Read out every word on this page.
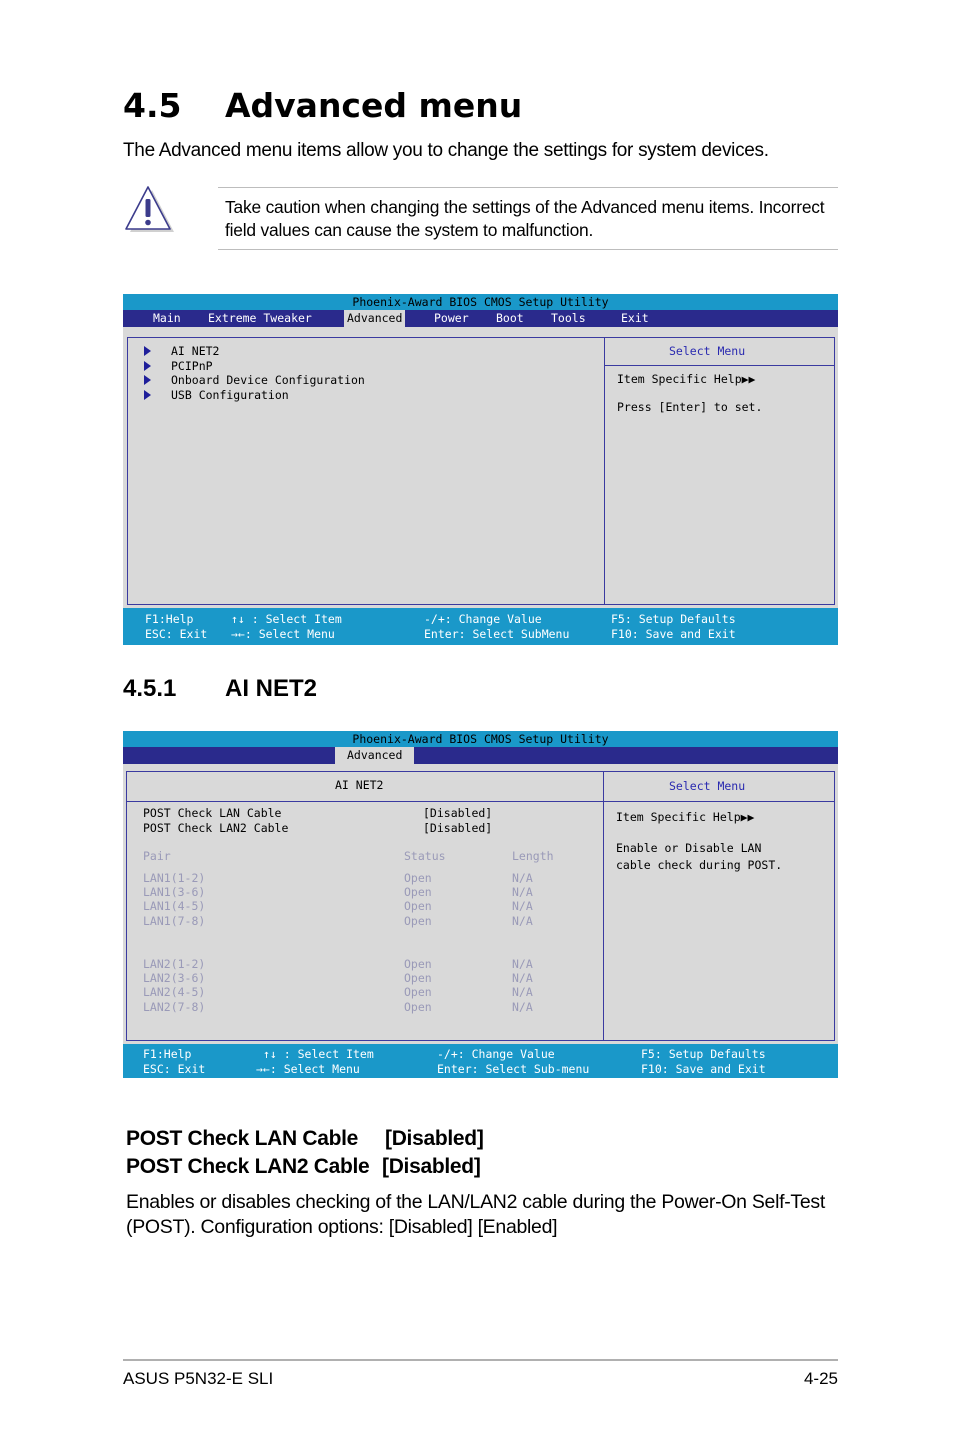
4.5 Advanced menu
The Advanced menu items allow you to change the settings for system devices.
Take caution when changing the settings of the Advanced menu items. Incorrect field values can cause the system to malfunction.
Phoenix-Award BIOS CMOS Setup Utility
Main Extreme Tweaker	Advanced	Power Boot Tools	Exit
AI NET2
PCIPnP
Onboard Device Configuration
USB Configuration
Select Menu
Item Specific Help▶▶
Press [Enter] to set.
F1:Help
ESC: Exit
↑↓ : Select Item
→←: Select Menu
-/+: Change Value
Enter: Select SubMenu
F5: Setup Defaults
F10: Save and Exit
4.5.1 AI NET2
Phoenix-Award BIOS CMOS Setup Utility
Advanced
AI NET2
POST Check LAN Cable	[Disabled]
POST Check LAN2 Cable	[Disabled]
Pair	Status	Length
LAN1(1-2)	Open	N/A
LAN1(3-6)	Open	N/A
LAN1(4-5)	Open	N/A
LAN1(7-8)	Open	N/A
LAN2(1-2)	Open	N/A
LAN2(3-6)	Open	N/A
LAN2(4-5)	Open	N/A
LAN2(7-8)	Open	N/A
Select Menu
Item Specific Help▶▶
Enable or Disable LAN
cable check during POST.
F1:Help
ESC: Exit
↑↓ : Select Item
→←: Select Menu
-/+: Change Value
Enter: Select Sub-menu
F5: Setup Defaults
F10: Save and Exit
POST Check LAN Cable [Disabled]
POST Check LAN2 Cable [Disabled]
Enables or disables checking of the LAN/LAN2 cable during the Power-On Self-Test (POST). Configuration options: [Disabled] [Enabled]
ASUS P5N32-E SLI	4-25
